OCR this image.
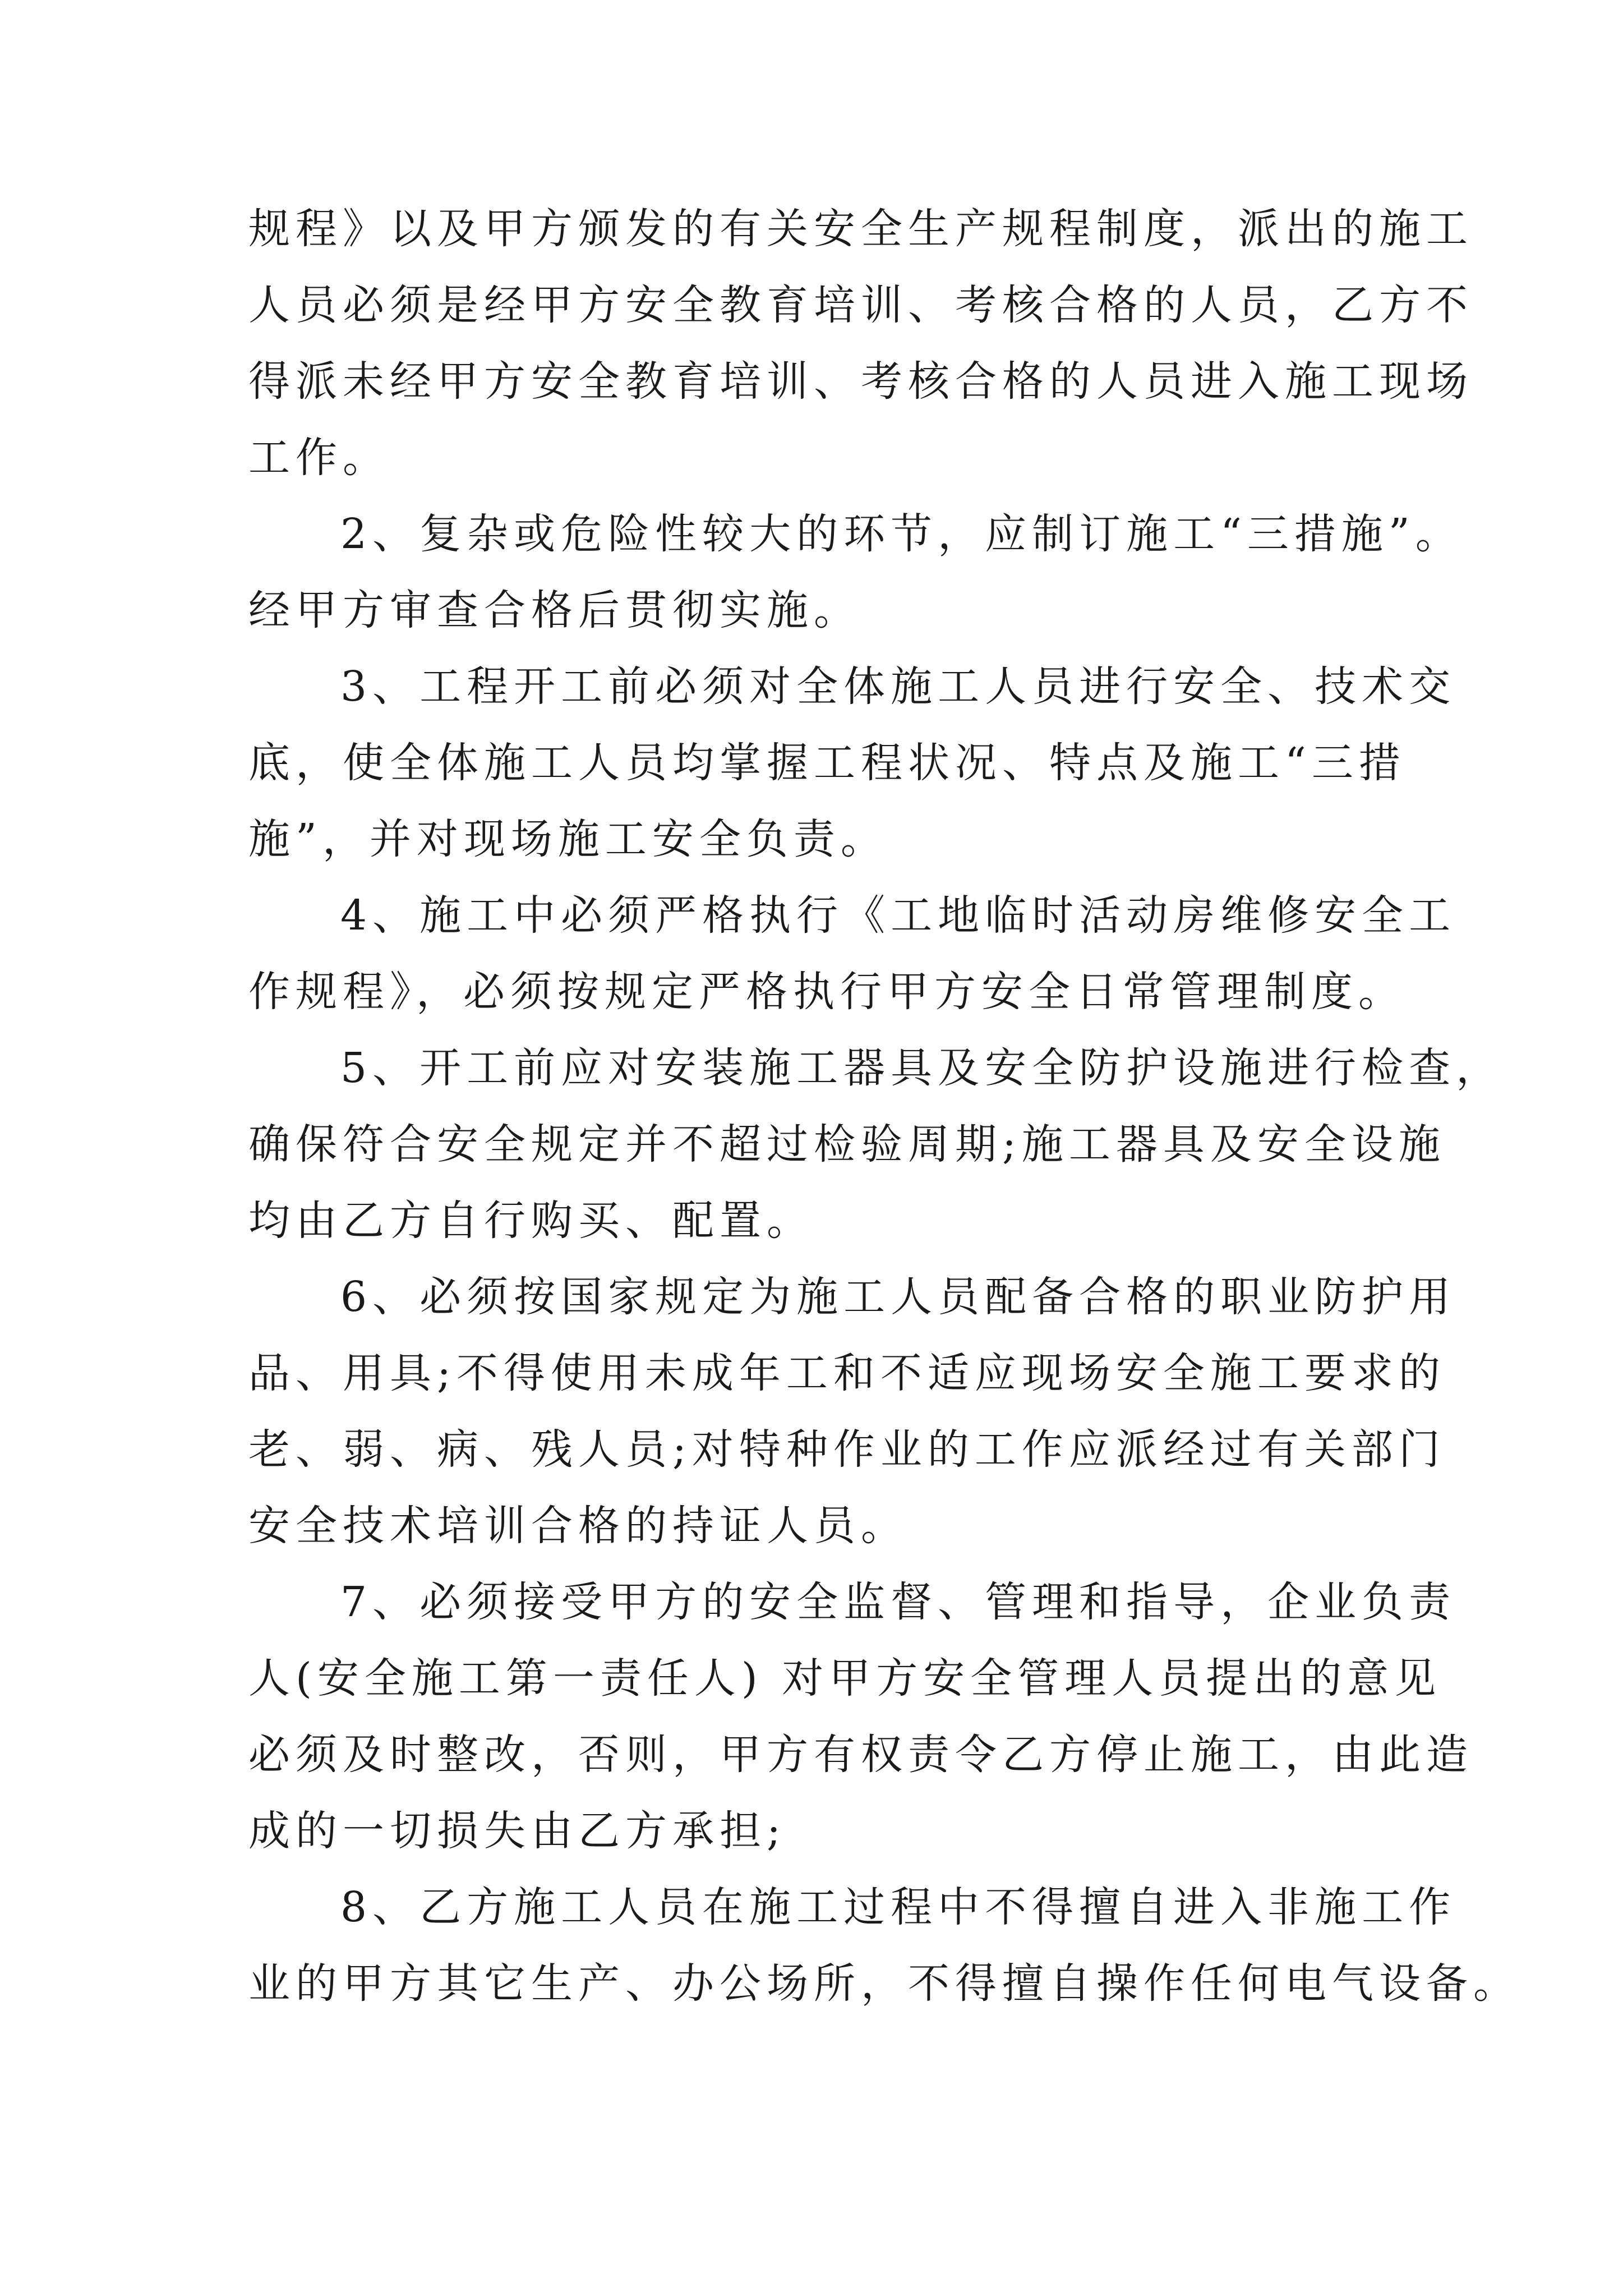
规程》以及甲方颁发的有关安全生产规程制度，派出的施工
人员必须是经甲方安全教育培训、考核合格的人员，乙方不
得派未经甲方安全教育培训、考核合格的人员进入施工现场
工作。
2、复杂或危险性较大的环节，应制订施工“三措施”。
经甲方审查合格后贯彻实施。
3、工程开工前必须对全体施工人员进行安全、技术交
底，使全体施工人员均掌握工程状况、特点及施工“三措
施”，并对现场施工安全负责。
4、施工中必须严格执行《工地临时活动房维修安全工
作规程》，必须按规定严格执行甲方安全日常管理制度。
5、开工前应对安装施工器具及安全防护设施进行检查，
确保符合安全规定并不超过检验周期;施工器具及安全设施
均由乙方自行购买、配置。
6、必须按国家规定为施工人员配备合格的职业防护用
品、用具;不得使用未成年工和不适应现场安全施工要求的
老、弱、病、残人员;对特种作业的工作应派经过有关部门
安全技术培训合格的持证人员。
7、必须接受甲方的安全监督、管理和指导，企业负责
人(安全施工第一责任人) 对甲方安全管理人员提出的意见
必须及时整改，否则，甲方有权责令乙方停止施工，由此造
成的一切损失由乙方承担;
8、乙方施工人员在施工过程中不得擅自进入非施工作
业的甲方其它生产、办公场所，不得擅自操作任何电气设备。
